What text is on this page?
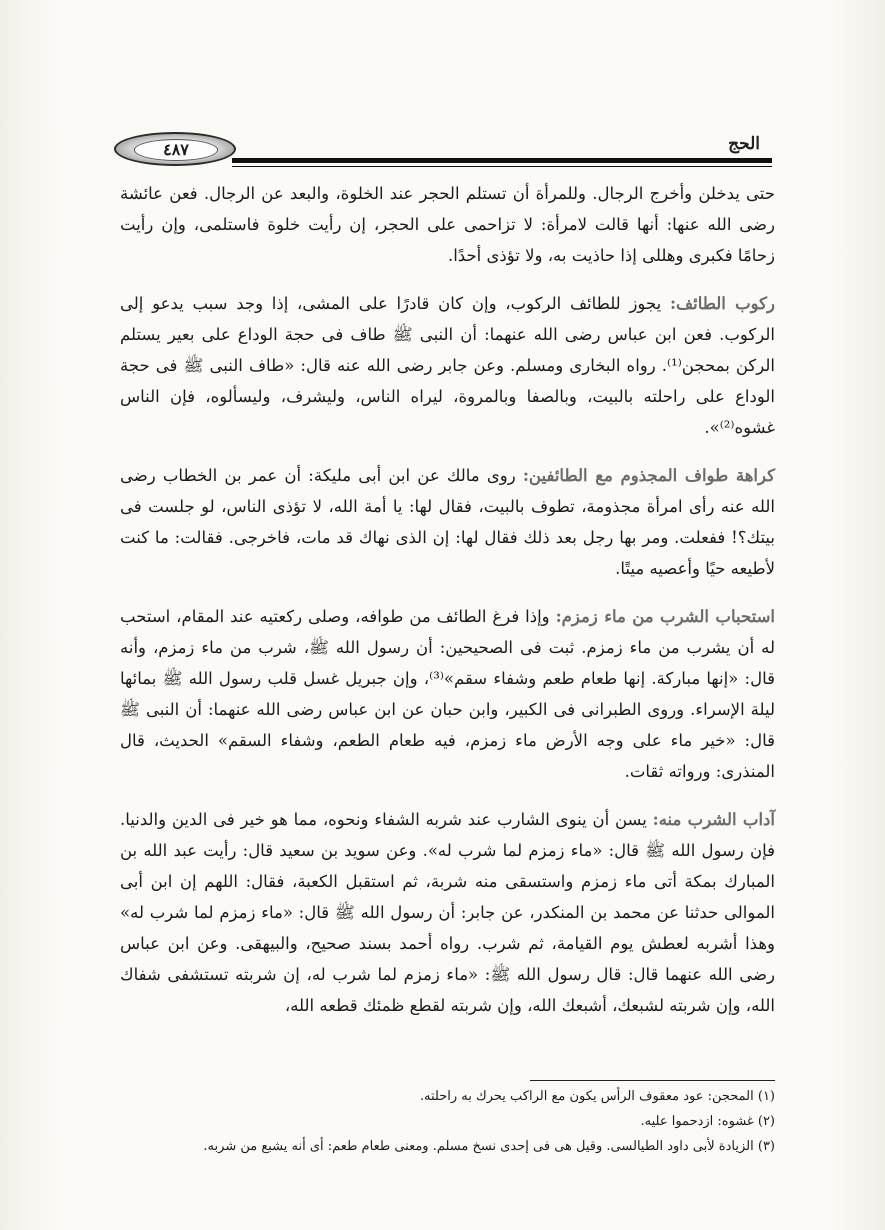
الحج
٤٨٧

حتى يدخلن وأخرج الرجال. وللمرأة أن تستلم الحجر عند الخلوة، والبعد عن الرجال. فعن عائشة رضى الله عنها: أنها قالت لامرأة: لا تزاحمى على الحجر، إن رأيت خلوة فاستلمى، وإن رأيت زحامًا فكبرى وهللى إذا حاذيت به، ولا تؤذى أحدًا.

ركوب الطائف: يجوز للطائف الركوب، وإن كان قادرًا على المشى، إذا وجد سبب يدعو إلى الركوب. فعن ابن عباس رضى الله عنهما: أن النبى ﷺ طاف فى حجة الوداع على بعير يستلم الركن بمحجن⁽¹⁾. رواه البخارى ومسلم. وعن جابر رضى الله عنه قال: «طاف النبى ﷺ فى حجة الوداع على راحلته بالبيت، وبالصفا وبالمروة، ليراه الناس، وليشرف، وليسألوه، فإن الناس غشوه⁽²⁾».

كراهة طواف المجذوم مع الطائفين: روى مالك عن ابن أبى مليكة: أن عمر بن الخطاب رضى الله عنه رأى امرأة مجذومة، تطوف بالبيت، فقال لها: يا أمة الله، لا تؤذى الناس، لو جلست فى بيتك؟! ففعلت. ومر بها رجل بعد ذلك فقال لها: إن الذى نهاك قد مات، فاخرجى. فقالت: ما كنت لأطيعه حيًا وأعصيه ميتًا.

استحباب الشرب من ماء زمزم: وإذا فرغ الطائف من طوافه، وصلى ركعتيه عند المقام، استحب له أن يشرب من ماء زمزم. ثبت فى الصحيحين: أن رسول الله ﷺ، شرب من ماء زمزم، وأنه قال: «إنها مباركة. إنها طعام طعم وشفاء سقم»⁽³⁾، وإن جبريل غسل قلب رسول الله ﷺ بمائها ليلة الإسراء. وروى الطبرانى فى الكبير، وابن حبان عن ابن عباس رضى الله عنهما: أن النبى ﷺ قال: «خير ماء على وجه الأرض ماء زمزم، فيه طعام الطعم، وشفاء السقم» الحديث، قال المنذرى: ورواته ثقات.

آداب الشرب منه: يسن أن ينوى الشارب عند شربه الشفاء ونحوه، مما هو خير فى الدين والدنيا. فإن رسول الله ﷺ قال: «ماء زمزم لما شرب له». وعن سويد بن سعيد قال: رأيت عبد الله بن المبارك بمكة أتى ماء زمزم واستسقى منه شربة، ثم استقبل الكعبة، فقال: اللهم إن ابن أبى الموالى حدثنا عن محمد بن المنكدر، عن جابر: أن رسول الله ﷺ قال: «ماء زمزم لما شرب له» وهذا أشربه لعطش يوم القيامة، ثم شرب. رواه أحمد بسند صحيح، والبيهقى. وعن ابن عباس رضى الله عنهما قال: قال رسول الله ﷺ: «ماء زمزم لما شرب له، إن شربته تستشفى شفاك الله، وإن شربته لشبعك، أشبعك الله، وإن شربته لقطع ظمئك قطعه الله،

(١) المحجن: عود معقوف الرأس يكون مع الراكب يحرك به راحلته.
(٢) غشوه: ازدحموا عليه.
(٣) الزيادة لأبى داود الطيالسى. وقيل هى فى إحدى نسخ مسلم. ومعنى طعام طعم: أى أنه يشبع من شربه.
